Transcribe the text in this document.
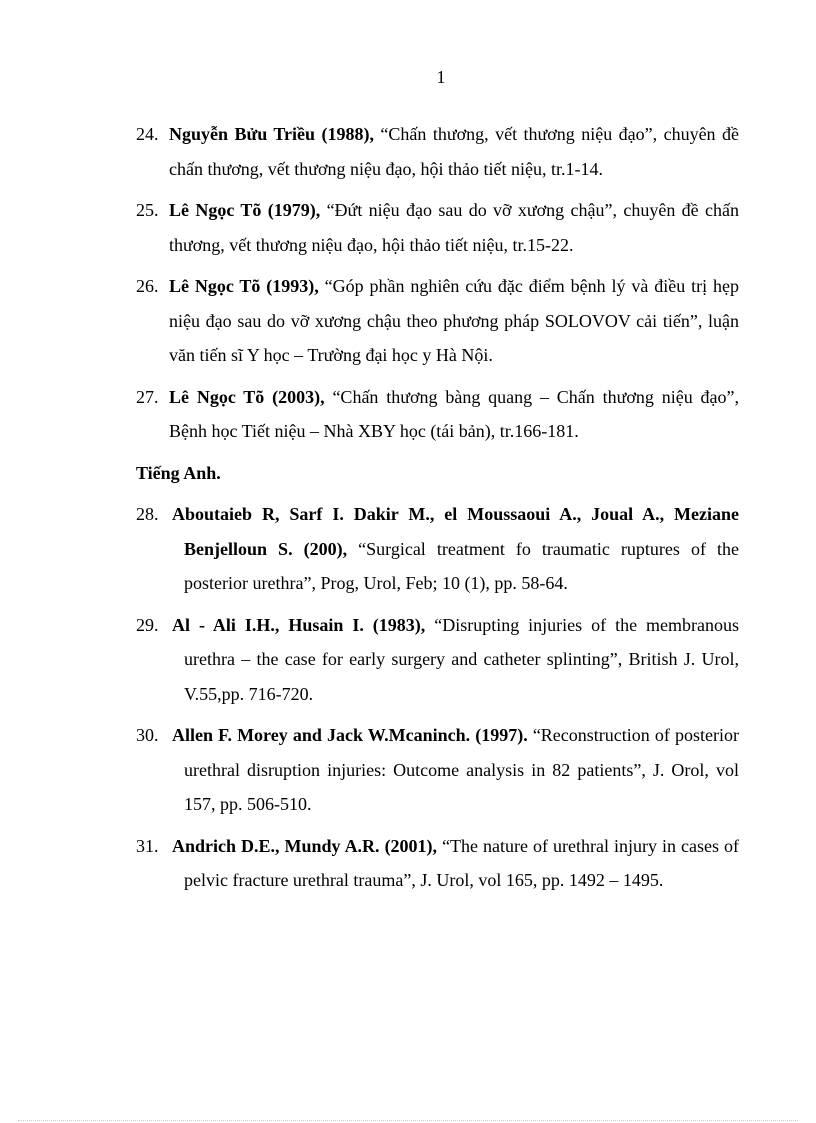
1

24. Nguyễn Bửu Triều (1988), “Chấn thương, vết thương niệu đạo”, chuyên đề chấn thương, vết thương niệu đạo, hội thảo tiết niệu, tr.1-14.

25. Lê Ngọc Tõ (1979), “Đứt niệu đạo sau do vỡ xương chậu”, chuyên đề chấn thương, vết thương niệu đạo, hội thảo tiết niệu, tr.15-22.

26. Lê Ngọc Tõ (1993), “Góp phần nghiên cứu đặc điểm bệnh lý và điều trị hẹp niệu đạo sau do vỡ xương chậu theo phương pháp SOLOVOV cải tiến”, luận văn tiến sĩ Y học – Trường đại học y Hà Nội.

27. Lê Ngọc Tõ (2003), “Chấn thương bàng quang – Chấn thương niệu đạo”, Bệnh học Tiết niệu – Nhà XBY học (tái bản), tr.166-181.

Tiếng Anh.

28. Aboutaieb R, Sarf I. Dakir M., el Moussaoui A., Joual A., Meziane Benjelloun S. (200), “Surgical treatment fo traumatic ruptures of the posterior urethra”, Prog, Urol, Feb; 10 (1), pp. 58-64.

29. Al - Ali I.H., Husain I. (1983), “Disrupting injuries of the membranous urethra – the case for early surgery and catheter splinting”, British J. Urol, V.55,pp. 716-720.

30. Allen F. Morey and Jack W.Mcaninch. (1997). “Reconstruction of posterior urethral disruption injuries: Outcome analysis in 82 patients”, J. Orol, vol 157, pp. 506-510.

31. Andrich D.E., Mundy A.R. (2001), “The nature of urethral injury in cases of pelvic fracture urethral trauma”, J. Urol, vol 165, pp. 1492 – 1495.
